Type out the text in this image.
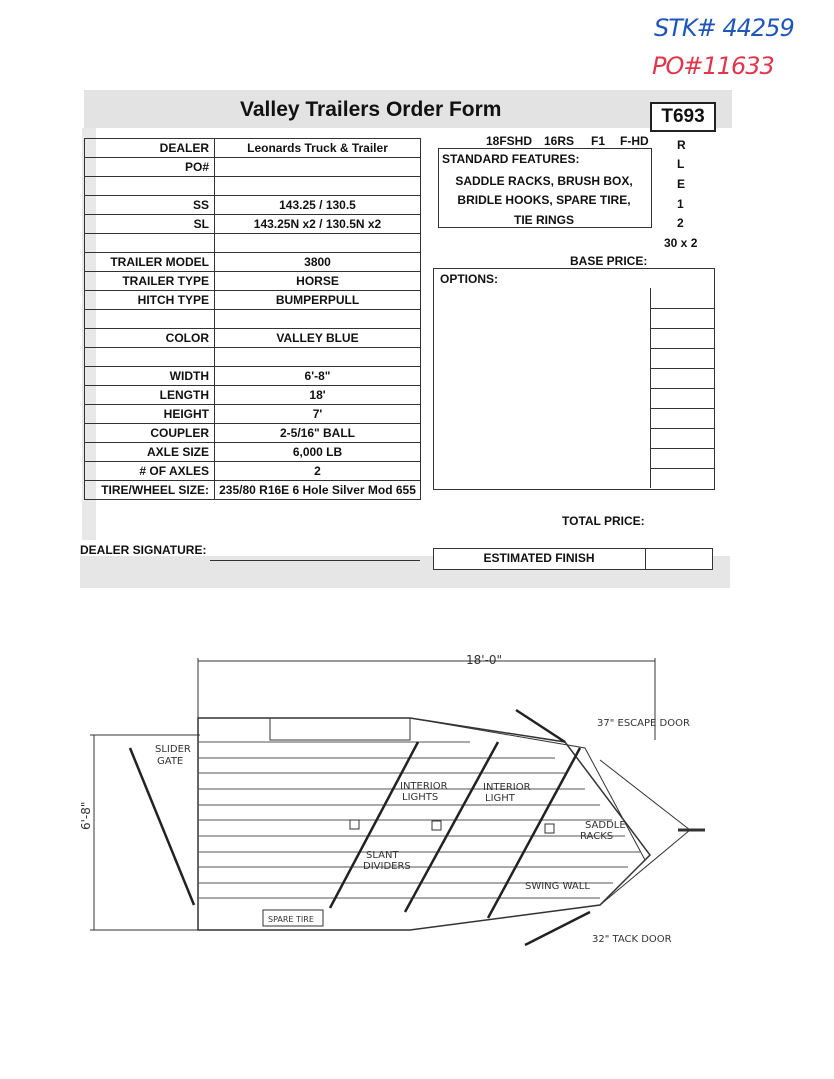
STK# 44259
PO#11633
Valley Trailers Order Form	T693
DEALER	Leonards Truck & Trailer
PO#	

SS	143.25 / 130.5
SL	143.25N x2 / 130.5N x2

TRAILER MODEL	3800
TRAILER TYPE	HORSE
HITCH TYPE	BUMPERPULL

COLOR	VALLEY BLUE

WIDTH	6'-8"
LENGTH	18'
HEIGHT	7'
COUPLER	2-5/16" BALL
AXLE SIZE	6,000 LB
# OF AXLES	2
TIRE/WHEEL SIZE:	235/80 R16E 6 Hole Silver Mod 655
18FSHD 16RS F1 F-HD R
L
E
1
2
30 x 2
STANDARD FEATURES:
SADDLE RACKS, BRUSH BOX,
BRIDLE HOOKS, SPARE TIRE,
TIE RINGS
BASE PRICE:
OPTIONS:
TOTAL PRICE:
DEALER SIGNATURE:
ESTIMATED FINISH
18'-0"
6'-8"
SLIDER
GATE
37" ESCAPE DOOR
INTERIOR
LIGHTS
INTERIOR
LIGHT
SADDLE
RACKS
SLANT
DIVIDERS
SWING WALL
SPARE TIRE
32" TACK DOOR
